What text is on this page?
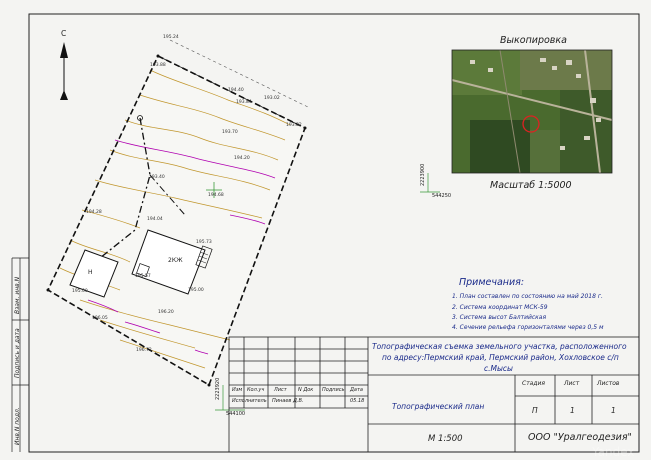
Инв.N подл.
Подпись и дата
Взам. инв.N
С
Н
2КЖ
195.24
193.88
193.02
194.40
193.84
193.70
194.20
193.40
194.68
194.28
194.04
195.73
195.57
196.20
195.00
196.05
195.00
196.72
193.82
2223920
544100
Выкопировка
Масштаб 1:5000
2223900
544250
Примечания:
1. План составлен по состоянию на май 2018 г.
2. Система координат МСК-59
3. Система высот Балтийская
4. Сечение рельефа горизонталями через 0,5 м
Топографическая съемка земельного участка, расположенного
по адресу:Пермский край, Пермский район, Хохловское с/п
с.Мысы
Изм Кол.уч Лист N Док Подпись Дата
Исполнитель Пинаев Д.В.	05.18
Топографический план
Стадия	Лист	Листов
П	1	1
М 1:500	ООО "Уралгеодезия"
Yandex
